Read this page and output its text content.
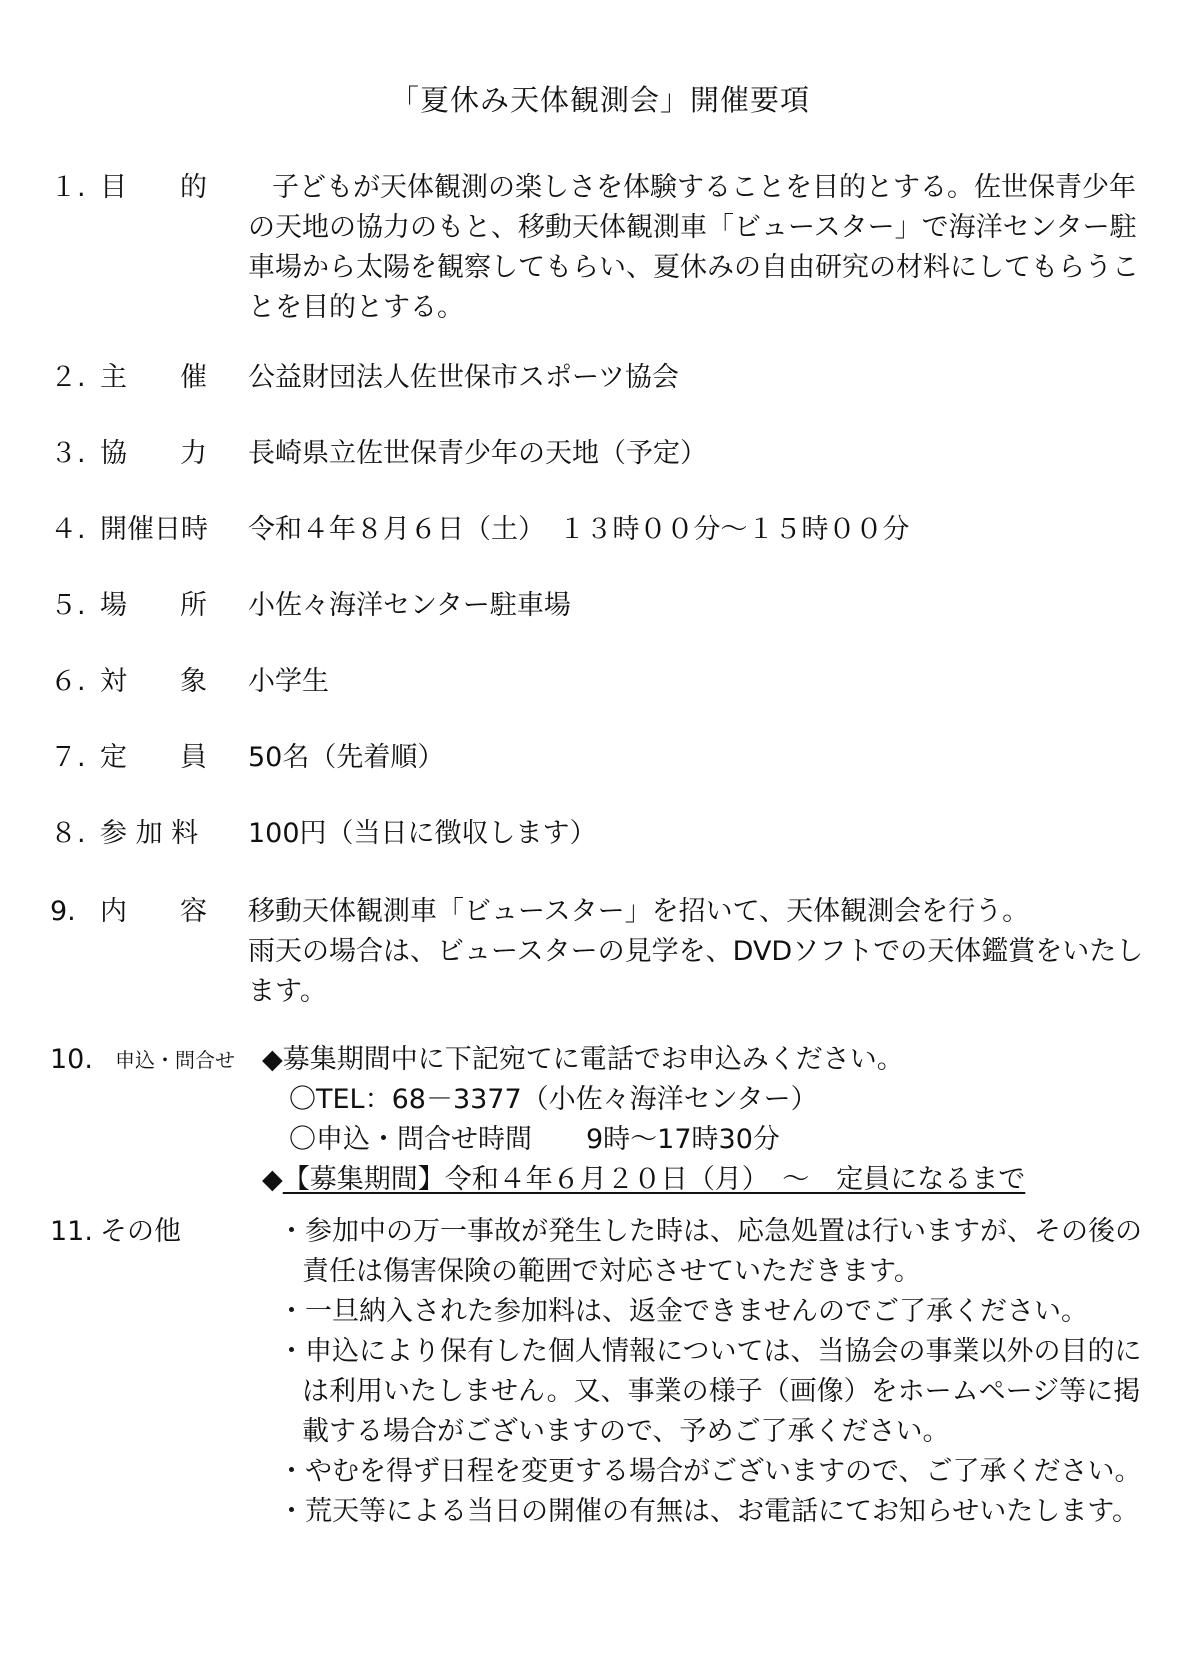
「夏休み天体観測会」開催要項
１. 目 的	子どもが天体観測の楽しさを体験することを目的とする。佐世保青少年の天地の協力のもと、移動天体観測車「ビュースター」で海洋センター駐車場から太陽を観察してもらい、夏休みの自由研究の材料にしてもらうことを目的とする。
２. 主 催 公益財団法人佐世保市スポーツ協会
３. 協 力 長崎県立佐世保青少年の天地（予定）
４. 開催日時 令和４年８月６日（土）　１３時００分～１５時００分
５. 場 所 小佐々海洋センター駐車場
６. 対 象 小学生
７. 定 員 50名（先着順）
８. 参 加 料	100円（当日に徴収します）
9. 内 容 移動天体観測車「ビュースター」を招いて、天体観測会を行う。
雨天の場合は、ビュースターの見学を、DVDソフトでの天体鑑賞をいたします。
10. 申込・問合せ ◆募集期間中に下記宛てに電話でお申込みください。
　〇TEL：68－3377（小佐々海洋センター）
　〇申込・問合せ時間　　9時～17時30分
◆【募集期間】令和４年６月２０日（月）　～　定員になるまで
11. その他	・参加中の万一事故が発生した時は、応急処置は行いますが、その後の責任は傷害保険の範囲で対応させていただきます。
・一旦納入された参加料は、返金できませんのでご了承ください。
・申込により保有した個人情報については、当協会の事業以外の目的には利用いたしません。又、事業の様子（画像）をホームページ等に掲載する場合がございますので、予めご了承ください。
・やむを得ず日程を変更する場合がございますので、ご了承ください。
・荒天等による当日の開催の有無は、お電話にてお知らせいたします。
